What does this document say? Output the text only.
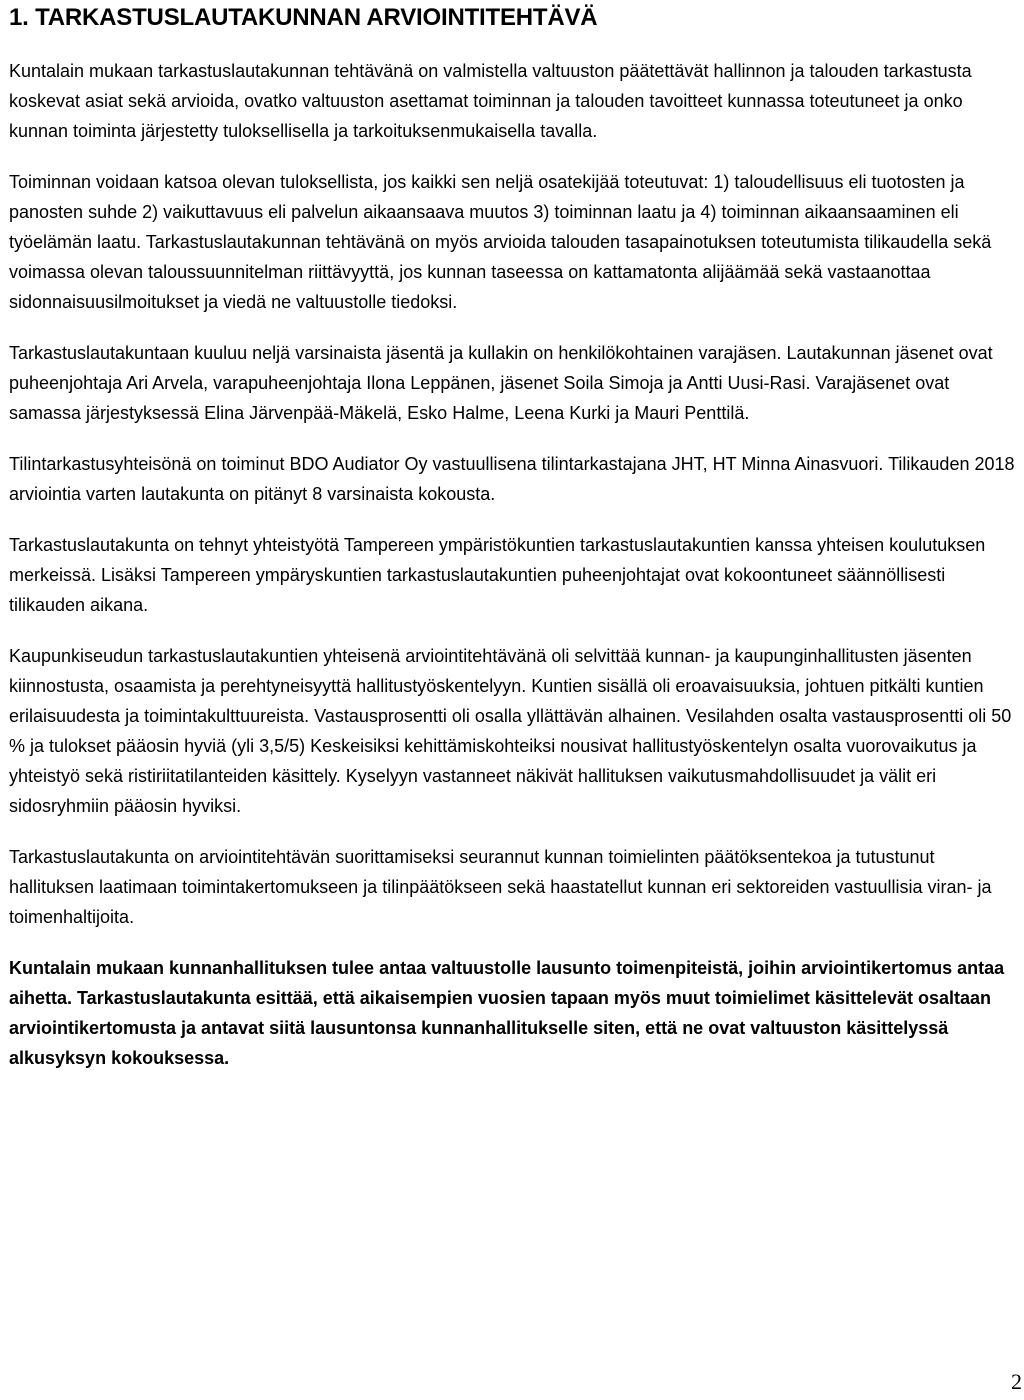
1. TARKASTUSLAUTAKUNNAN ARVIOINTITEHTÄVÄ

Kuntalain mukaan tarkastuslautakunnan tehtävänä on valmistella valtuuston päätettävät hallinnon ja talouden tarkastusta koskevat asiat sekä arvioida, ovatko valtuuston asettamat toiminnan ja talouden tavoitteet kunnassa toteutuneet ja onko kunnan toiminta järjestetty tuloksellisella ja tarkoituksenmukaisella tavalla.

Toiminnan voidaan katsoa olevan tuloksellista, jos kaikki sen neljä osatekijää toteutuvat: 1) taloudellisuus eli tuotosten ja panosten suhde 2) vaikuttavuus eli palvelun aikaansaava muutos 3) toiminnan laatu ja 4) toiminnan aikaansaaminen eli työelämän laatu. Tarkastuslautakunnan tehtävänä on myös arvioida talouden tasapainotuksen toteutumista tilikaudella sekä voimassa olevan taloussuunnitelman riittävyyttä, jos kunnan taseessa on kattamatonta alijäämää sekä vastaanottaa sidonnaisuusilmoitukset ja viedä ne valtuustolle tiedoksi.

Tarkastuslautakuntaan kuuluu neljä varsinaista jäsentä ja kullakin on henkilökohtainen varajäsen. Lautakunnan jäsenet ovat puheenjohtaja Ari Arvela, varapuheenjohtaja Ilona Leppänen, jäsenet Soila Simoja ja Antti Uusi-Rasi. Varajäsenet ovat samassa järjestyksessä Elina Järvenpää-Mäkelä, Esko Halme, Leena Kurki ja Mauri Penttilä.

Tilintarkastusyhteisönä on toiminut BDO Audiator Oy vastuullisena tilintarkastajana JHT, HT Minna Ainasvuori. Tilikauden 2018 arviointia varten lautakunta on pitänyt 8 varsinaista kokousta.

Tarkastuslautakunta on tehnyt yhteistyötä Tampereen ympäristökuntien tarkastuslautakuntien kanssa yhteisen koulutuksen merkeissä. Lisäksi Tampereen ympäryskuntien tarkastuslautakuntien puheenjohtajat ovat kokoontuneet säännöllisesti tilikauden aikana.

Kaupunkiseudun tarkastuslautakuntien yhteisenä arviointitehtävänä oli selvittää kunnan- ja kaupunginhallitusten jäsenten kiinnostusta, osaamista ja perehtyneisyyttä hallitustyöskentelyyn. Kuntien sisällä oli eroavaisuuksia, johtuen pitkälti kuntien erilaisuudesta ja toimintakulttuureista. Vastausprosentti oli osalla yllättävän alhainen. Vesilahden osalta vastausprosentti oli 50 % ja tulokset pääosin hyviä (yli 3,5/5) Keskeisiksi kehittämiskohteiksi nousivat hallitustyöskentelyn osalta vuorovaikutus ja yhteistyö sekä ristiriitatilanteiden käsittely. Kyselyyn vastanneet näkivät hallituksen vaikutusmahdollisuudet ja välit eri sidosryhmiin pääosin hyviksi.

Tarkastuslautakunta on arviointitehtävän suorittamiseksi seurannut kunnan toimielinten päätöksentekoa ja tutustunut hallituksen laatimaan toimintakertomukseen ja tilinpäätökseen sekä haastatellut kunnan eri sektoreiden vastuullisia viran- ja toimenhaltijoita.

Kuntalain mukaan kunnanhallituksen tulee antaa valtuustolle lausunto toimenpiteistä, joihin arviointikertomus antaa aihetta. Tarkastuslautakunta esittää, että aikaisempien vuosien tapaan myös muut toimielimet käsittelevät osaltaan arviointikertomusta ja antavat siitä lausuntonsa kunnanhallitukselle siten, että ne ovat valtuuston käsittelyssä alkusyksyn kokouksessa.

2
